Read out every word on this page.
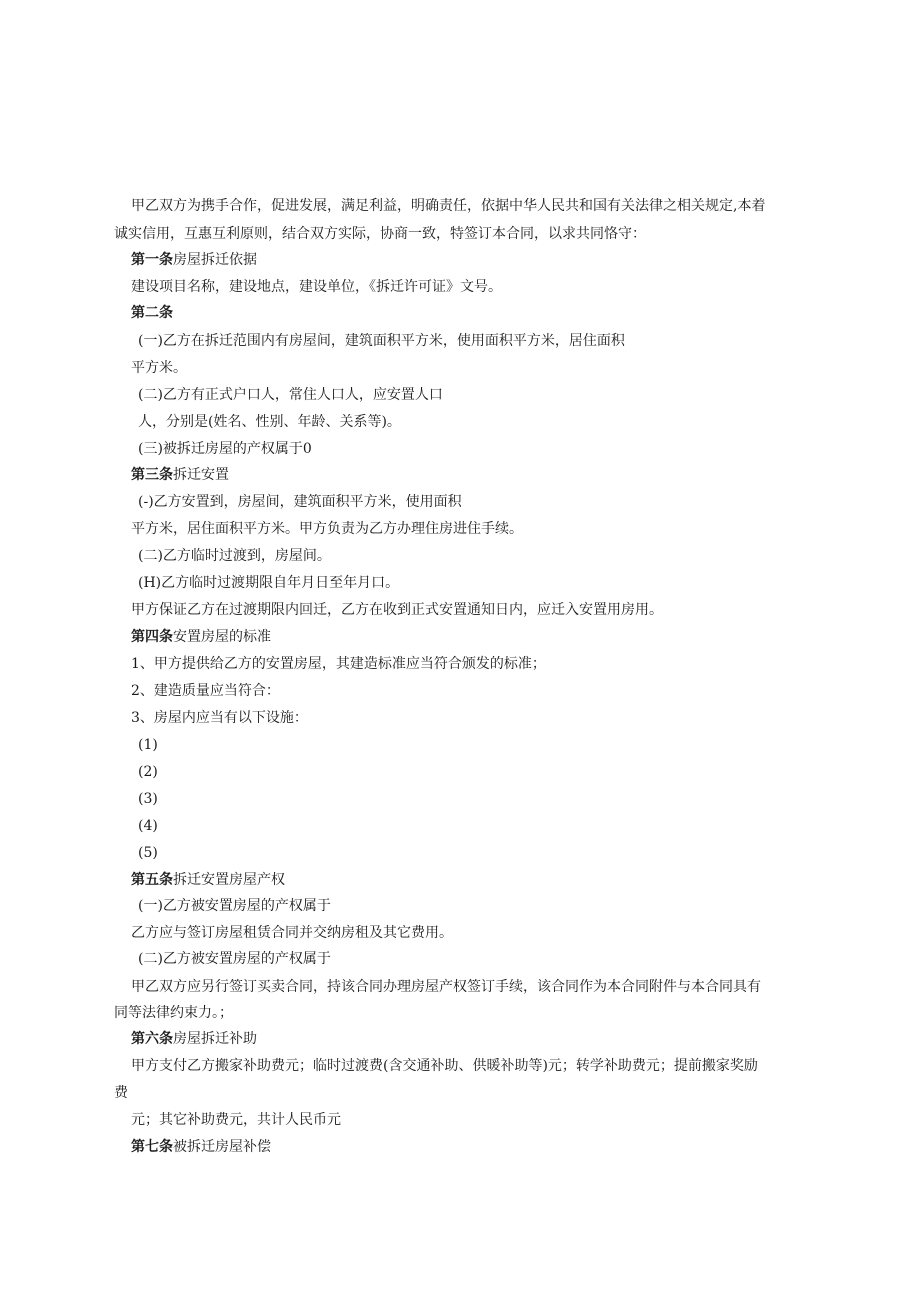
甲乙双方为携手合作，促进发展，满足利益，明确责任，依据中华人民共和国有关法律之相关规定,本着
诚实信用，互惠互利原则，结合双方实际，协商一致，特签订本合同，以求共同恪守：
第一条房屋拆迁依据
建设项目名称，建设地点，建设单位，《拆迁许可证》文号。
第二条
(一)乙方在拆迁范围内有房屋间，建筑面积平方米，使用面积平方米，居住面积
平方米。
(二)乙方有正式户口人，常住人口人，应安置人口
人，分别是(姓名、性别、年龄、关系等)。
(三)被拆迁房屋的产权属于0
第三条拆迁安置
(-)乙方安置到，房屋间，建筑面积平方米，使用面积
平方米，居住面积平方米。甲方负责为乙方办理住房进住手续。
(二)乙方临时过渡到，房屋间。
(H)乙方临时过渡期限自年月日至年月口。
甲方保证乙方在过渡期限内回迁，乙方在收到正式安置通知日内，应迁入安置用房用。
第四条安置房屋的标准
1、甲方提供给乙方的安置房屋，其建造标准应当符合颁发的标准；
2、建造质量应当符合：
3、房屋内应当有以下设施：
(1)
(2)
(3)
(4)
(5)
第五条拆迁安置房屋产权
(一)乙方被安置房屋的产权属于
乙方应与签订房屋租赁合同并交纳房租及其它费用。
(二)乙方被安置房屋的产权属于
甲乙双方应另行签订买卖合同，持该合同办理房屋产权签订手续，该合同作为本合同附件与本合同具有
同等法律约束力。；
第六条房屋拆迁补助
甲方支付乙方搬家补助费元；临时过渡费(含交通补助、供暖补助等)元；转学补助费元；提前搬家奖励
费
元；其它补助费元，共计人民币元
第七条被拆迁房屋补偿
